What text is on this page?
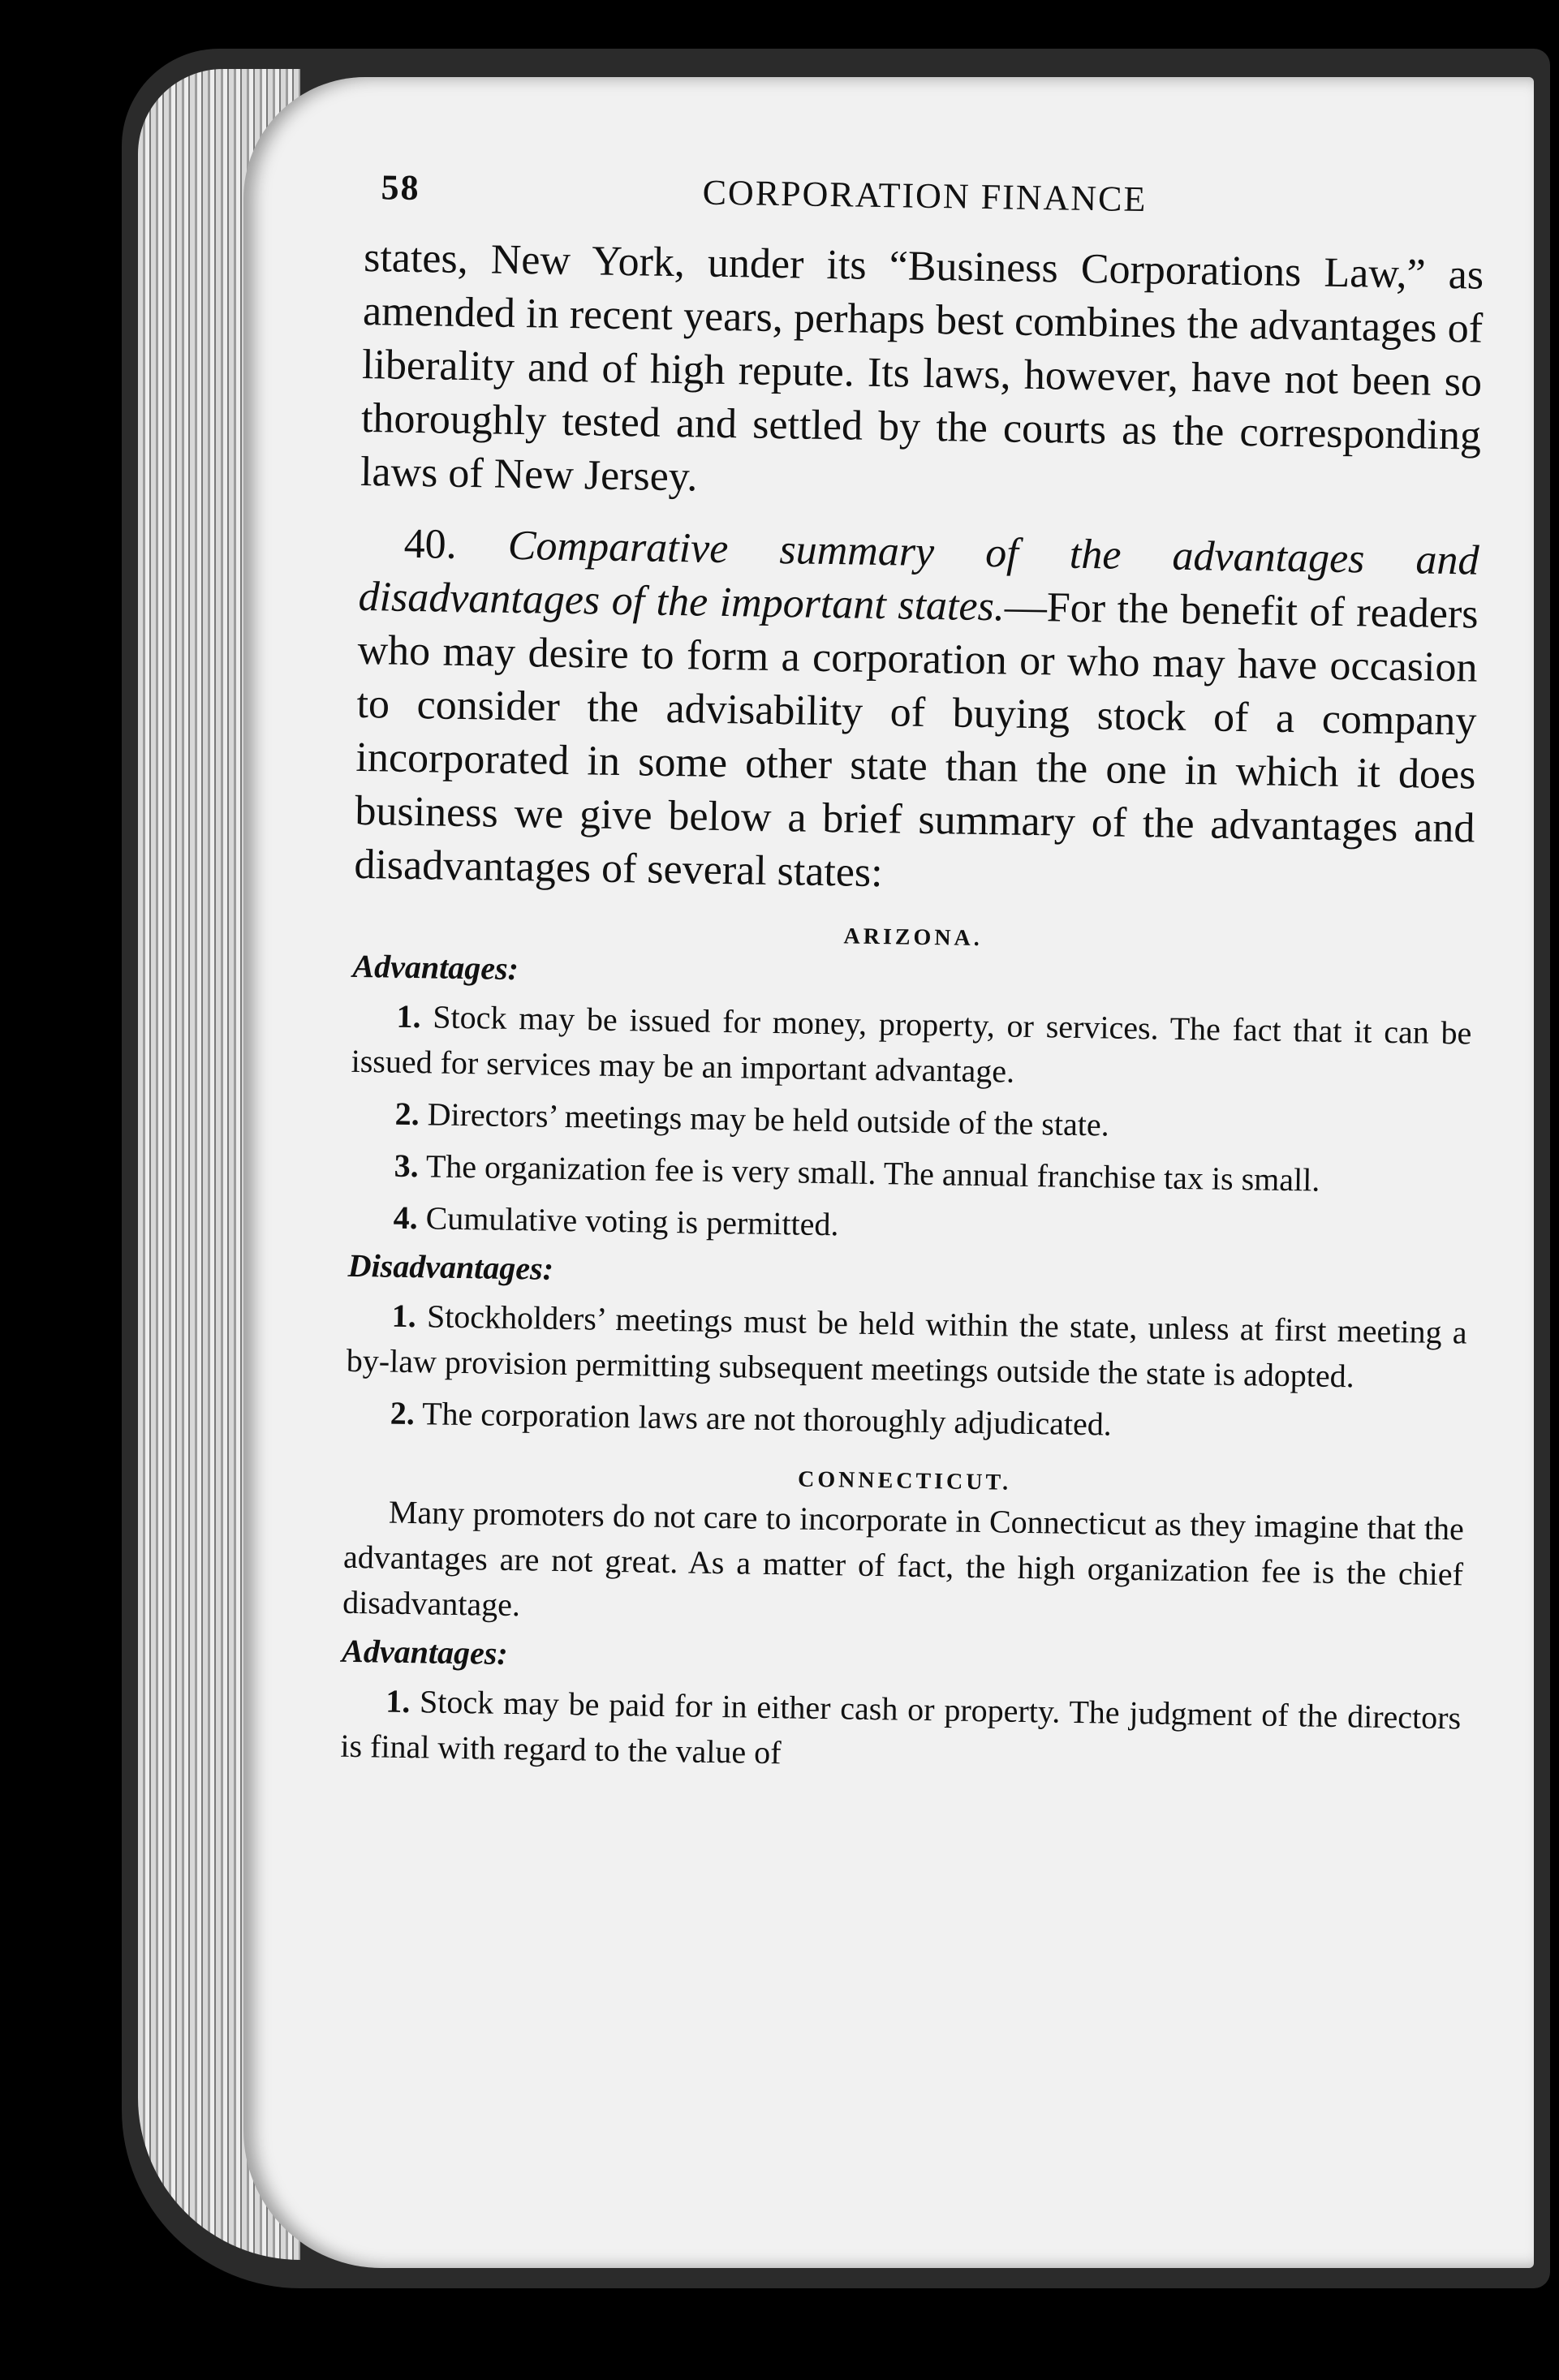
58	CORPORATION FINANCE

states, New York, under its “Business Corporations Law,” as amended in recent years, perhaps best combines the advantages of liberality and of high repute. Its laws, however, have not been so thoroughly tested and settled by the courts as the corresponding laws of New Jersey.

40. Comparative summary of the advantages and disadvantages of the important states.—For the benefit of readers who may desire to form a corporation or who may have occasion to consider the advisability of buying stock of a company incorporated in some other state than the one in which it does business we give below a brief summary of the advantages and disadvantages of several states:

ARIZONA.
Advantages:

1. Stock may be issued for money, property, or services. The fact that it can be issued for services may be an important advantage.

2. Directors’ meetings may be held outside of the state.

3. The organization fee is very small. The annual franchise tax is small.

4. Cumulative voting is permitted.

Disadvantages:

1. Stockholders’ meetings must be held within the state, unless at first meeting a by-law provision permitting subsequent meetings outside the state is adopted.

2. The corporation laws are not thoroughly adjudicated.

CONNECTICUT.

Many promoters do not care to incorporate in Connecticut as they imagine that the advantages are not great. As a matter of fact, the high organization fee is the chief disadvantage.

Advantages:

1. Stock may be paid for in either cash or property. The judgment of the directors is final with regard to the value of
